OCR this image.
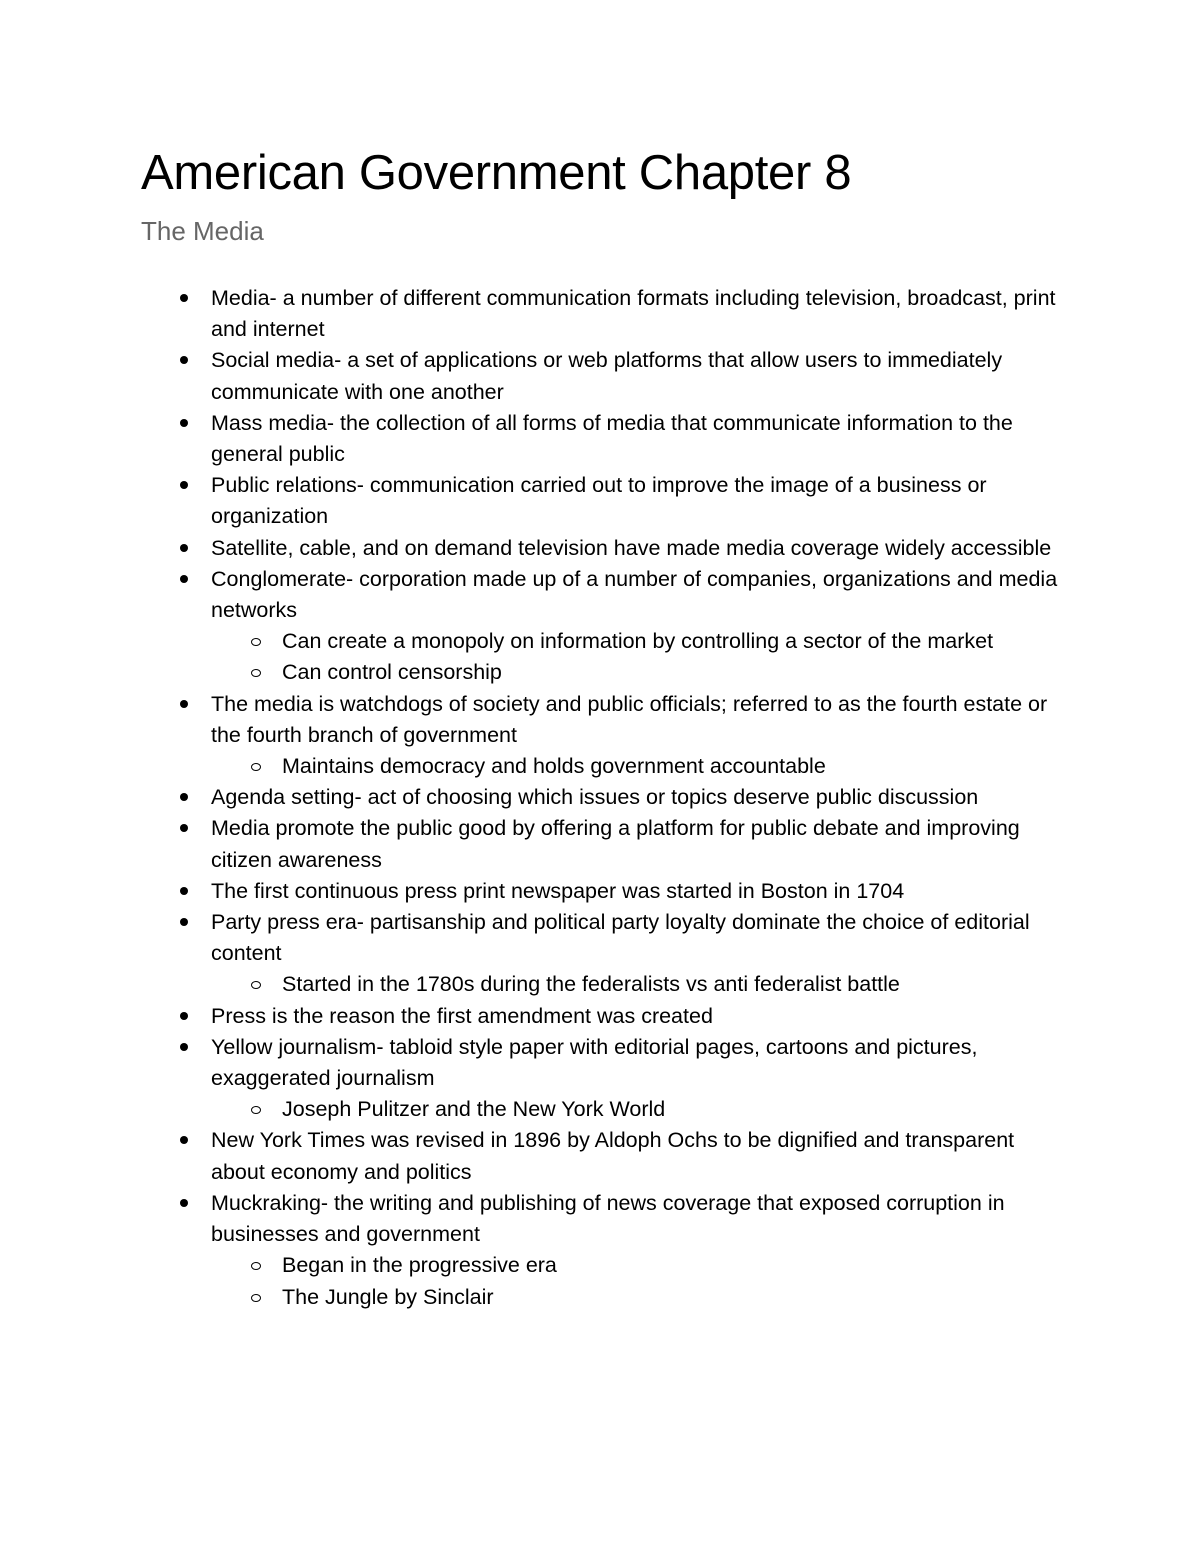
American Government Chapter 8
The Media
Media- a number of different communication formats including television, broadcast, print and internet
Social media- a set of applications or web platforms that allow users to immediately communicate with one another
Mass media- the collection of all forms of media that communicate information to the general public
Public relations- communication carried out to improve the image of a business or organization
Satellite, cable, and on demand television have made media coverage widely accessible
Conglomerate- corporation made up of a number of companies, organizations and media networks
Can create a monopoly on information by controlling a sector of the market
Can control censorship
The media is watchdogs of society and public officials; referred to as the fourth estate or the fourth branch of government
Maintains democracy and holds government accountable
Agenda setting- act of choosing which issues or topics deserve public discussion
Media promote the public good by offering a platform for public debate and improving citizen awareness
The first continuous press print newspaper was started in Boston in 1704
Party press era- partisanship and political party loyalty dominate the choice of editorial content
Started in the 1780s during the federalists vs anti federalist battle
Press is the reason the first amendment was created
Yellow journalism- tabloid style paper with editorial pages, cartoons and pictures, exaggerated journalism
Joseph Pulitzer and the New York World
New York Times was revised in 1896 by Aldoph Ochs to be dignified and transparent about economy and politics
Muckraking- the writing and publishing of news coverage that exposed corruption in businesses and government
Began in the progressive era
The Jungle by Sinclair
